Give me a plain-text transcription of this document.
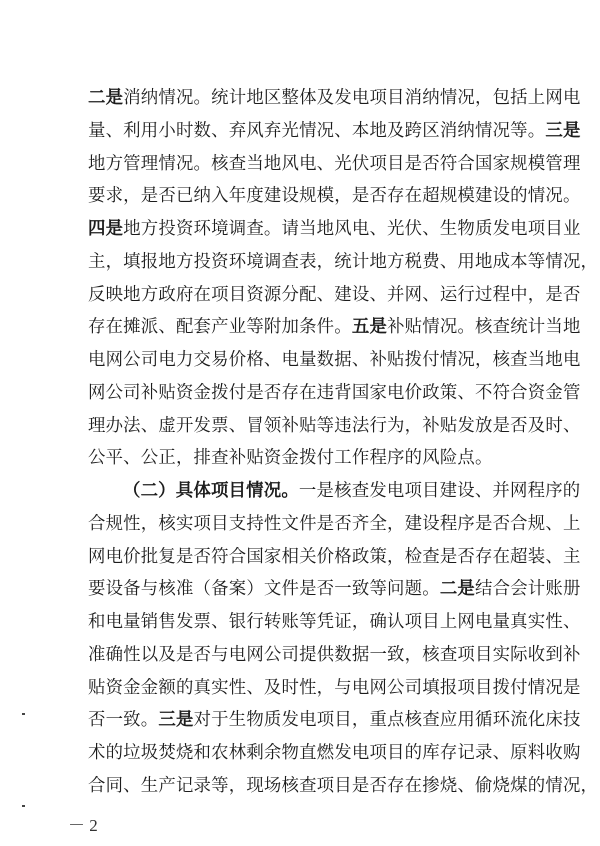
二是消纳情况。统计地区整体及发电项目消纳情况，包括上网电
量、利用小时数、弃风弃光情况、本地及跨区消纳情况等。三是
地方管理情况。核查当地风电、光伏项目是否符合国家规模管理
要求，是否已纳入年度建设规模，是否存在超规模建设的情况。
四是地方投资环境调查。请当地风电、光伏、生物质发电项目业
主，填报地方投资环境调查表，统计地方税费、用地成本等情况，
反映地方政府在项目资源分配、建设、并网、运行过程中，是否
存在摊派、配套产业等附加条件。五是补贴情况。核查统计当地
电网公司电力交易价格、电量数据、补贴拨付情况，核查当地电
网公司补贴资金拨付是否存在违背国家电价政策、不符合资金管
理办法、虚开发票、冒领补贴等违法行为，补贴发放是否及时、
公平、公正，排查补贴资金拨付工作程序的风险点。
（二）具体项目情况。一是核查发电项目建设、并网程序的
合规性，核实项目支持性文件是否齐全，建设程序是否合规、上
网电价批复是否符合国家相关价格政策，检查是否存在超装、主
要设备与核准（备案）文件是否一致等问题。二是结合会计账册
和电量销售发票、银行转账等凭证，确认项目上网电量真实性、
准确性以及是否与电网公司提供数据一致，核查项目实际收到补
贴资金金额的真实性、及时性，与电网公司填报项目拨付情况是
否一致。三是对于生物质发电项目，重点核查应用循环流化床技
术的垃圾焚烧和农林剩余物直燃发电项目的库存记录、原料收购
合同、生产记录等，现场核查项目是否存在掺烧、偷烧煤的情况，
－ 2
